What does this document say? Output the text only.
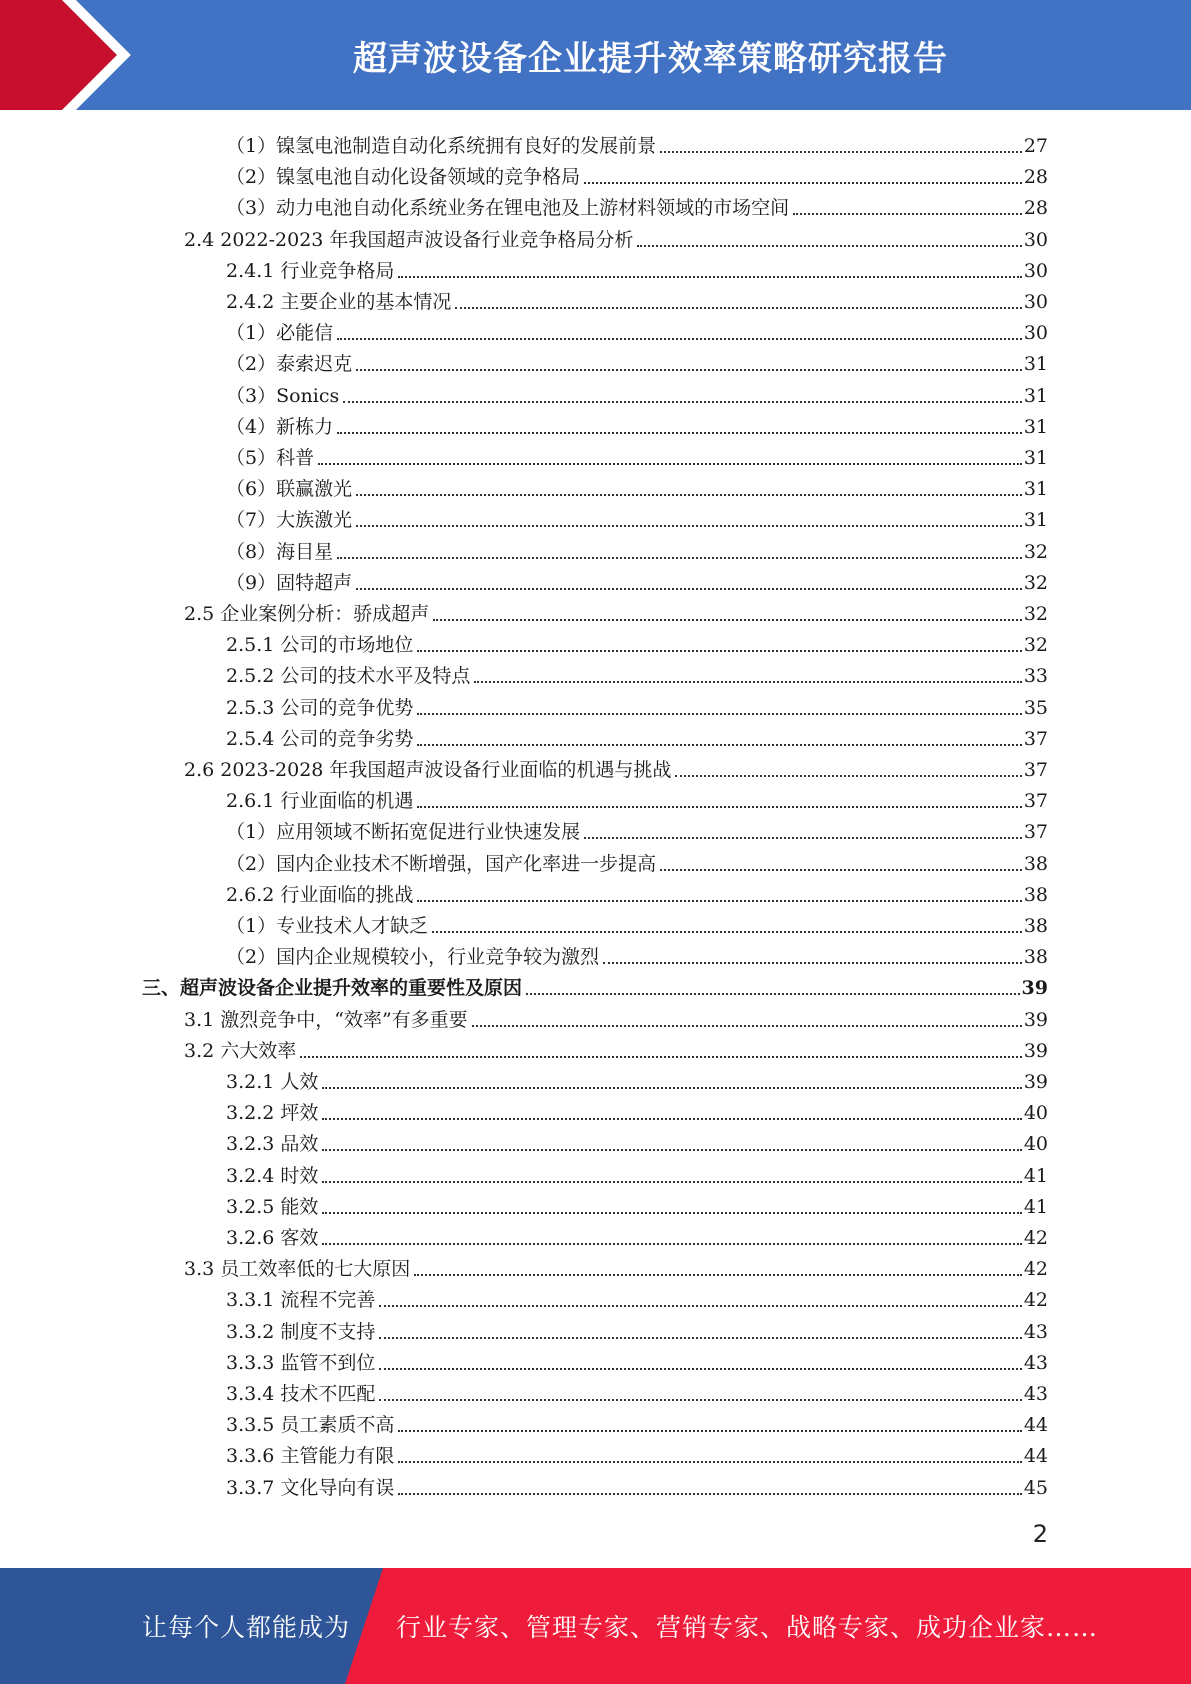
超声波设备企业提升效率策略研究报告
（1）镍氢电池制造自动化系统拥有良好的发展前景	27
（2）镍氢电池自动化设备领域的竞争格局	28
（3）动力电池自动化系统业务在锂电池及上游材料领域的市场空间	28
2.4 2022-2023 年我国超声波设备行业竞争格局分析	30
2.4.1 行业竞争格局	30
2.4.2 主要企业的基本情况	30
（1）必能信	30
（2）泰索迟克	31
（3）Sonics	31
（4）新栋力	31
（5）科普	31
（6）联赢激光	31
（7）大族激光	31
（8）海目星	32
（9）固特超声	32
2.5 企业案例分析：骄成超声	32
2.5.1 公司的市场地位	32
2.5.2 公司的技术水平及特点	33
2.5.3 公司的竞争优势	35
2.5.4 公司的竞争劣势	37
2.6 2023-2028 年我国超声波设备行业面临的机遇与挑战	37
2.6.1 行业面临的机遇	37
（1）应用领域不断拓宽促进行业快速发展	37
（2）国内企业技术不断增强，国产化率进一步提高	38
2.6.2 行业面临的挑战	38
（1）专业技术人才缺乏	38
（2）国内企业规模较小，行业竞争较为激烈	38
三、超声波设备企业提升效率的重要性及原因	39
3.1 激烈竞争中，“效率”有多重要	39
3.2 六大效率	39
3.2.1 人效	39
3.2.2 坪效	40
3.2.3 品效	40
3.2.4 时效	41
3.2.5 能效	41
3.2.6 客效	42
3.3 员工效率低的七大原因	42
3.3.1 流程不完善	42
3.3.2 制度不支持	43
3.3.3 监管不到位	43
3.3.4 技术不匹配	43
3.3.5 员工素质不高	44
3.3.6 主管能力有限	44
3.3.7 文化导向有误	45
2
让每个人都能成为 行业专家、管理专家、营销专家、战略专家、成功企业家……
